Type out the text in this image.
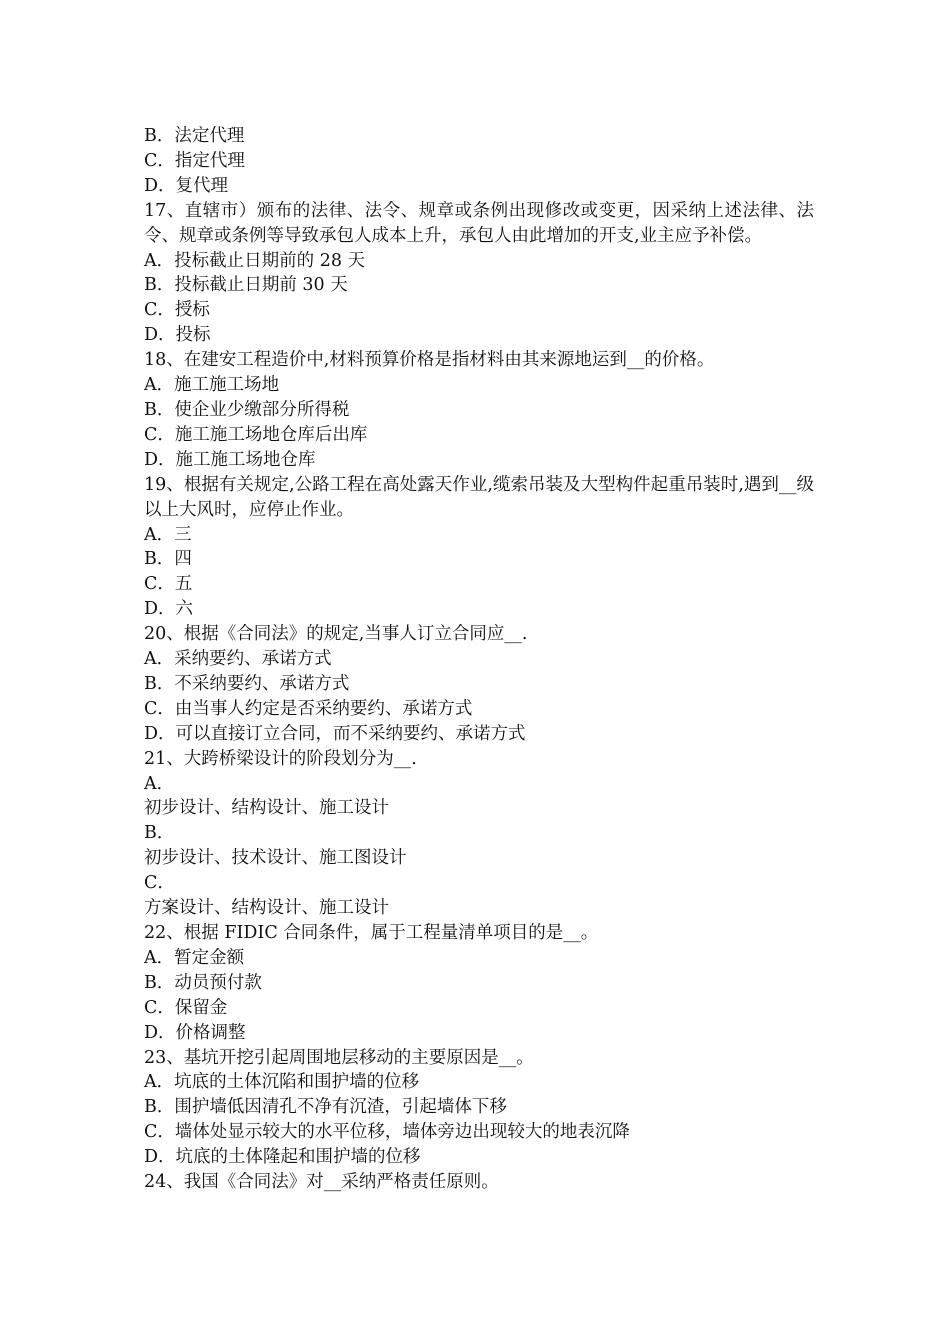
B．法定代理
C．指定代理
D．复代理
17、直辖市）颁布的法律、法令、规章或条例出现修改或变更，因采纳上述法律、法令、规章或条例等导致承包人成本上升，承包人由此增加的开支,业主应予补偿。
A．投标截止日期前的 28 天
B．投标截止日期前 30 天
C．授标
D．投标
18、在建安工程造价中,材料预算价格是指材料由其来源地运到__的价格。
A．施工施工场地
B．使企业少缴部分所得税
C．施工施工场地仓库后出库
D．施工施工场地仓库
19、根据有关规定,公路工程在高处露天作业,缆索吊装及大型构件起重吊装时,遇到__级以上大风时，应停止作业。
A．三
B．四
C．五
D．六
20、根据《合同法》的规定,当事人订立合同应__.
A．采纳要约、承诺方式
B．不采纳要约、承诺方式
C．由当事人约定是否采纳要约、承诺方式
D．可以直接订立合同，而不采纳要约、承诺方式
21、大跨桥梁设计的阶段划分为__.
A．
初步设计、结构设计、施工设计
B．
初步设计、技术设计、施工图设计
C．
方案设计、结构设计、施工设计
22、根据 FIDIC 合同条件，属于工程量清单项目的是__。
A．暂定金额
B．动员预付款
C．保留金
D．价格调整
23、基坑开挖引起周围地层移动的主要原因是__。
A．坑底的土体沉陷和围护墙的位移
B．围护墙低因清孔不净有沉渣，引起墙体下移
C．墙体处显示较大的水平位移，墙体旁边出现较大的地表沉降
D．坑底的土体隆起和围护墙的位移
24、我国《合同法》对__采纳严格责任原则。
